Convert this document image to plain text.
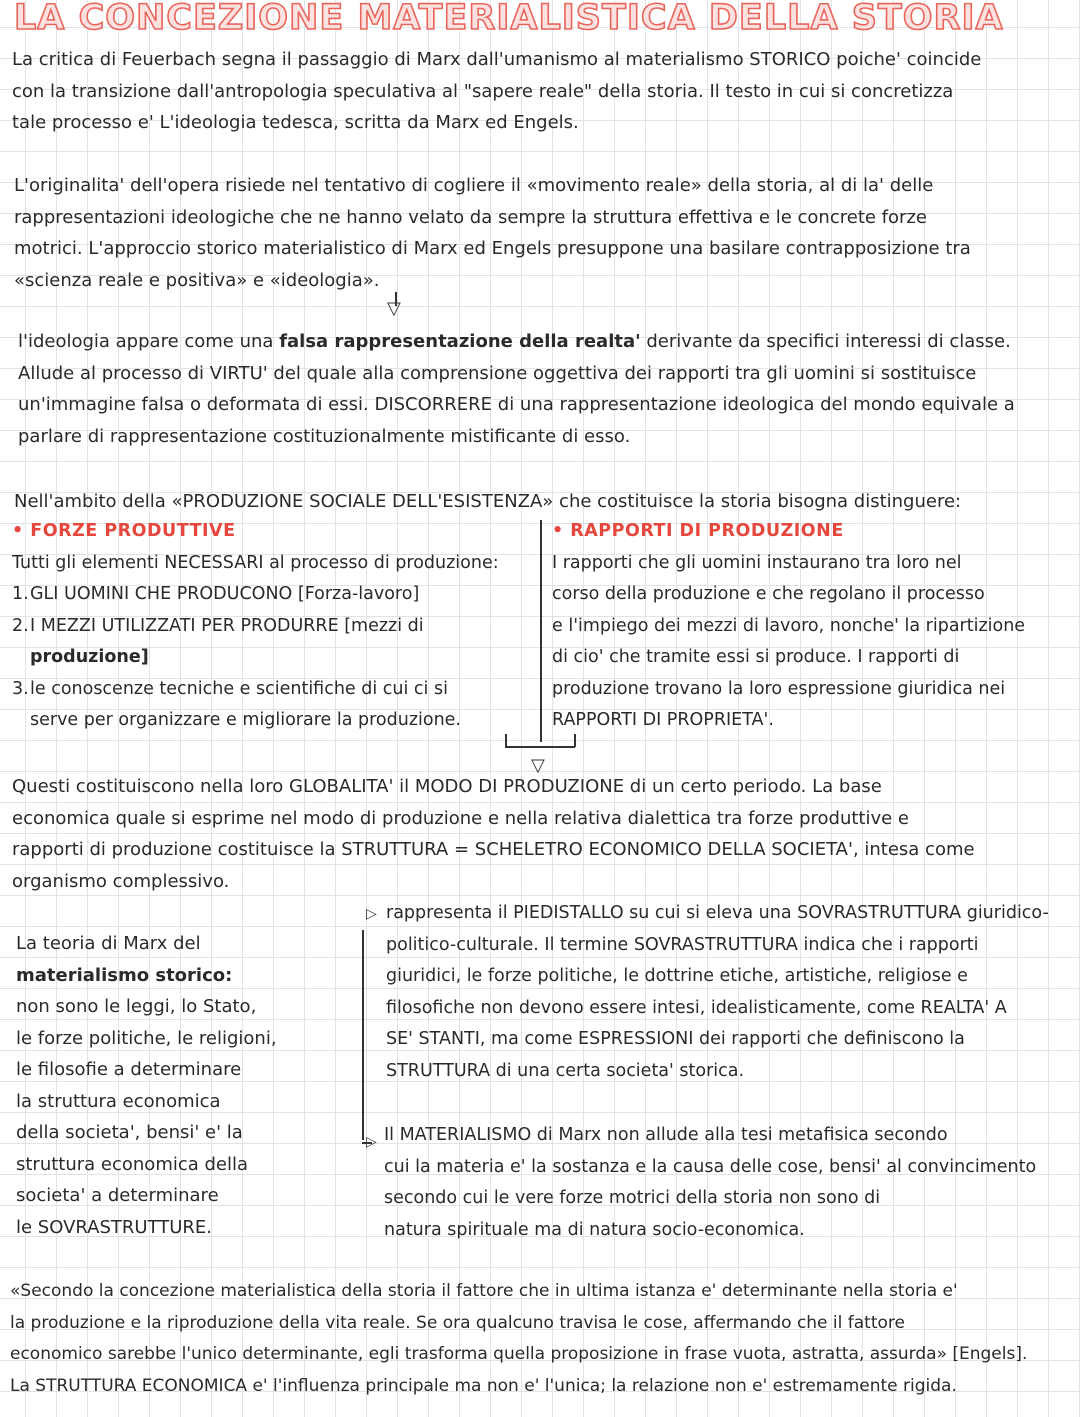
LA CONCEZIONE MATERIALISTICA DELLA STORIA

La critica di Feuerbach segna il passaggio di Marx dall'umanismo al materialismo STORICO poiche' coincide

con la transizione dall'antropologia speculativa al "sapere reale" della storia. Il testo in cui si concretizza

tale processo e' L'ideologia tedesca, scritta da Marx ed Engels.

L'originalita' dell'opera risiede nel tentativo di cogliere il «movimento reale» della storia, al di la' delle

rappresentazioni ideologiche che ne hanno velato da sempre la struttura effettiva e le concrete forze

motrici. L'approccio storico materialistico di Marx ed Engels presuppone una basilare contrapposizione tra

«scienza reale e positiva» e «ideologia».

▽

l'ideologia appare come una falsa rappresentazione della realta' derivante da specifici interessi di classe.

Allude al processo di VIRTU' del quale alla comprensione oggettiva dei rapporti tra gli uomini si sostituisce

un'immagine falsa o deformata di essi. DISCORRERE di una rappresentazione ideologica del mondo equivale a

parlare di rappresentazione costituzionalmente mistificante di esso.

Nell'ambito della «PRODUZIONE SOCIALE DELL'ESISTENZA» che costituisce la storia bisogna distinguere:

• FORZE PRODUTTIVE

Tutti gli elementi NECESSARI al processo di produzione:

1.GLI UOMINI CHE PRODUCONO [Forza-lavoro]
2.I MEZZI UTILIZZATI PER PRODURRE [mezzi di
produzione]
3.le conoscenze tecniche e scientifiche di cui ci si
serve per organizzare e migliorare la produzione.
▽

• RAPPORTI DI PRODUZIONE

I rapporti che gli uomini instaurano tra loro nel

corso della produzione e che regolano il processo

e l'impiego dei mezzi di lavoro, nonche' la ripartizione

di cio' che tramite essi si produce. I rapporti di

produzione trovano la loro espressione giuridica nei

RAPPORTI DI PROPRIETA'.

Questi costituiscono nella loro GLOBALITA' il MODO DI PRODUZIONE di un certo periodo. La base

economica quale si esprime nel modo di produzione e nella relativa dialettica tra forze produttive e

rapporti di produzione costituisce la STRUTTURA = SCHELETRO ECONOMICO DELLA SOCIETA', intesa come

organismo complessivo.

La teoria di Marx del

materialismo storico:

non sono le leggi, lo Stato,

le forze politiche, le religioni,

le filosofie a determinare

la struttura economica

della societa', bensi' e' la

struttura economica della

societa' a determinare

le SOVRASTRUTTURE.

▷
▷

rappresenta il PIEDISTALLO su cui si eleva una SOVRASTRUTTURA giuridico-

politico-culturale. Il termine SOVRASTRUTTURA indica che i rapporti

giuridici, le forze politiche, le dottrine etiche, artistiche, religiose e

filosofiche non devono essere intesi, idealisticamente, come REALTA' A

SE' STANTI, ma come ESPRESSIONI dei rapporti che definiscono la

STRUTTURA di una certa societa' storica.

Il MATERIALISMO di Marx non allude alla tesi metafisica secondo

cui la materia e' la sostanza e la causa delle cose, bensi' al convincimento

secondo cui le vere forze motrici della storia non sono di

natura spirituale ma di natura socio-economica.

«Secondo la concezione materialistica della storia il fattore che in ultima istanza e' determinante nella storia e'

la produzione e la riproduzione della vita reale. Se ora qualcuno travisa le cose, affermando che il fattore

economico sarebbe l'unico determinante, egli trasforma quella proposizione in frase vuota, astratta, assurda» [Engels].

La STRUTTURA ECONOMICA e' l'influenza principale ma non e' l'unica; la relazione non e' estremamente rigida.
